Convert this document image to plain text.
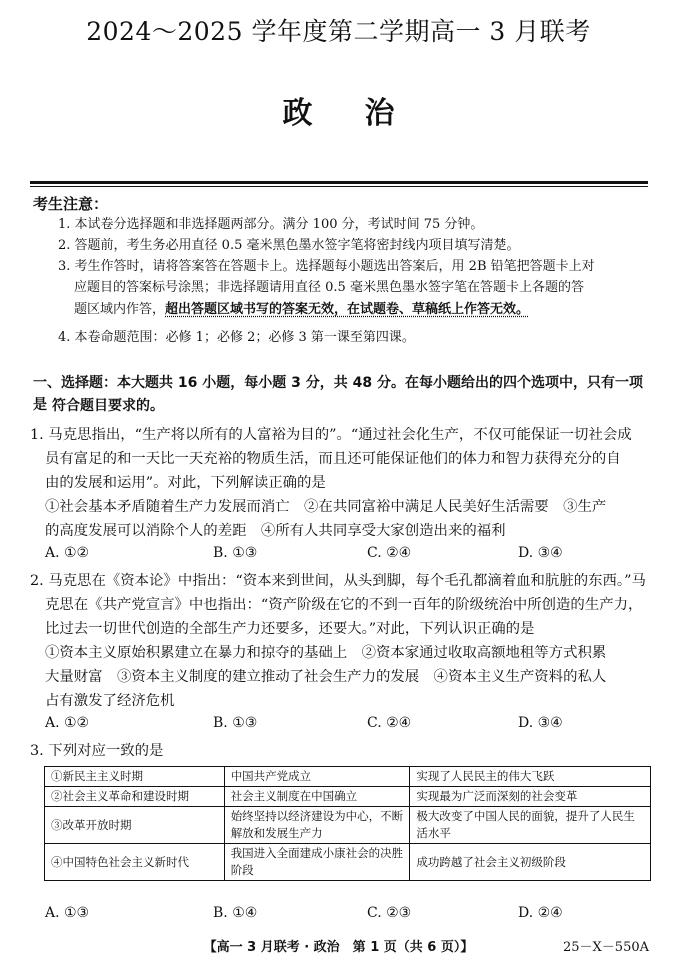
2024～2025 学年度第二学期高一 3 月联考
政治
考生注意：
1. 本试卷分选择题和非选择题两部分。满分 100 分，考试时间 75 分钟。
2. 答题前，考生务必用直径 0.5 毫米黑色墨水签字笔将密封线内项目填写清楚。
3. 考生作答时，请将答案答在答题卡上。选择题每小题选出答案后，用 2B 铅笔把答题卡上对
应题目的答案标号涂黑；非选择题请用直径 0.5 毫米黑色墨水签字笔在答题卡上各题的答
题区域内作答，超出答题区域书写的答案无效，在试题卷、草稿纸上作答无效。
4. 本卷命题范围：必修 1；必修 2；必修 3 第一课至第四课。
一、选择题：本大题共 16 小题，每小题 3 分，共 48 分。在每小题给出的四个选项中，只有一项是 符合题目要求的。
1. 马克思指出，“生产将以所有的人富裕为目的”。“通过社会化生产，不仅可能保证一切社会成
员有富足的和一天比一天充裕的物质生活，而且还可能保证他们的体力和智力获得充分的自
由的发展和运用”。对此，下列解读正确的是
①社会基本矛盾随着生产力发展而消亡　②在共同富裕中满足人民美好生活需要　③生产
的高度发展可以消除个人的差距　④所有人共同享受大家创造出来的福利
A. ①②	B. ①③	C. ②④	D. ③④
2. 马克思在《资本论》中指出：“资本来到世间，从头到脚，每个毛孔都滴着血和肮脏的东西。”马
克思在《共产党宣言》中也指出：“资产阶级在它的不到一百年的阶级统治中所创造的生产力，
比过去一切世代创造的全部生产力还要多，还要大。”对此，下列认识正确的是
①资本主义原始积累建立在暴力和掠夺的基础上　②资本家通过收取高额地租等方式积累
大量财富　③资本主义制度的建立推动了社会生产力的发展　④资本主义生产资料的私人
占有激发了经济危机
A. ①②	B. ①③	C. ②④	D. ③④
3. 下列对应一致的是
①新民主主义时期	中国共产党成立	实现了人民民主的伟大飞跃
②社会主义革命和建设时期	社会主义制度在中国确立	实现最为广泛而深刻的社会变革
③改革开放时期	始终坚持以经济建设为中心，不断解放和发展生产力	极大改变了中国人民的面貌，提升了人民生活水平
④中国特色社会主义新时代	我国进入全面建成小康社会的决胜阶段	成功跨越了社会主义初级阶段
A. ①③	B. ①④	C. ②③	D. ②④
【高一 3 月联考 · 政治　第 1 页（共 6 页）】	25－X－550A
